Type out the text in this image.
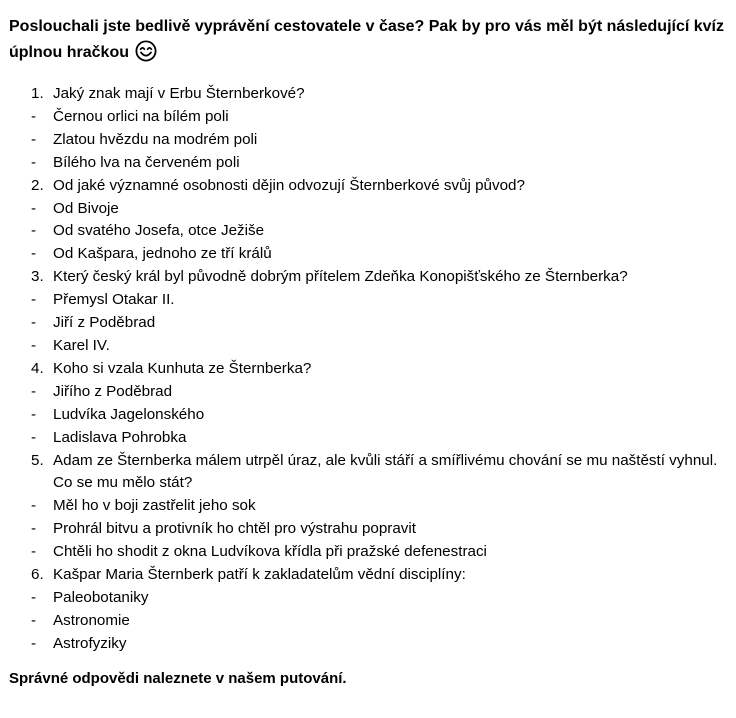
Poslouchali jste bedlivě vyprávění cestovatele v čase? Pak by pro vás měl být následující kvíz úplnou hračkou

1. Jaký znak mají v Erbu Šternberkové?
-	Černou orlici na bílém poli
-	Zlatou hvězdu na modrém poli
-	Bílého lva na červeném poli
2. Od jaké významné osobnosti dějin odvozují Šternberkové svůj původ?
-	Od Bivoje
-	Od svatého Josefa, otce Ježiše
-	Od Kašpara, jednoho ze tří králů
3. Který český král byl původně dobrým přítelem Zdeňka Konopišťského ze Šternberka?
-	Přemysl Otakar II.
-	Jiří z Poděbrad
-	Karel IV.
4. Koho si vzala Kunhuta ze Šternberka?
-	Jiřího z Poděbrad
-	Ludvíka Jagelonského
-	Ladislava Pohrobka
5. Adam ze Šternberka málem utrpěl úraz, ale kvůli stáří a smířlivému chování se mu naštěstí vyhnul. Co se mu mělo stát?
-	Měl ho v boji zastřelit jeho sok
-	Prohrál bitvu a protivník ho chtěl pro výstrahu popravit
-	Chtěli ho shodit z okna Ludvíkova křídla při pražské defenestraci
6. Kašpar Maria Šternberk patří k zakladatelům vědní disciplíny:
-	Paleobotaniky
-	Astronomie
-	Astrofyziky

Správné odpovědi naleznete v našem putování.
